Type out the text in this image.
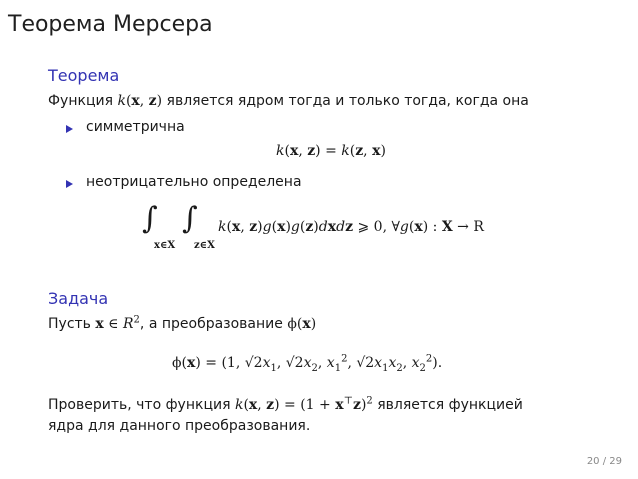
Теорема Мерсера
Теорема
Функция k(x, z) является ядром тогда и только тогда, когда она
симметрична
k(x, z) = k(z, x)
неотрицательно определена
∫
x∈X
∫
z∈X
k(x, z)g(x)g(z)dxdz ⩾ 0, ∀g(x) : X → R
Задача
Пусть x ∈ $R^2$, а преобразование ϕ(x)
ϕ(x) = (1, $√2x_1$, $√2x_2$, $x_1^2$, $√2x_1x_2$, $x_2^2$).
Проверить, что функция k(x, $z) = (1 + x^⊤z)^2$ является функцией
ядра для данного преобразования.
20 / 29
